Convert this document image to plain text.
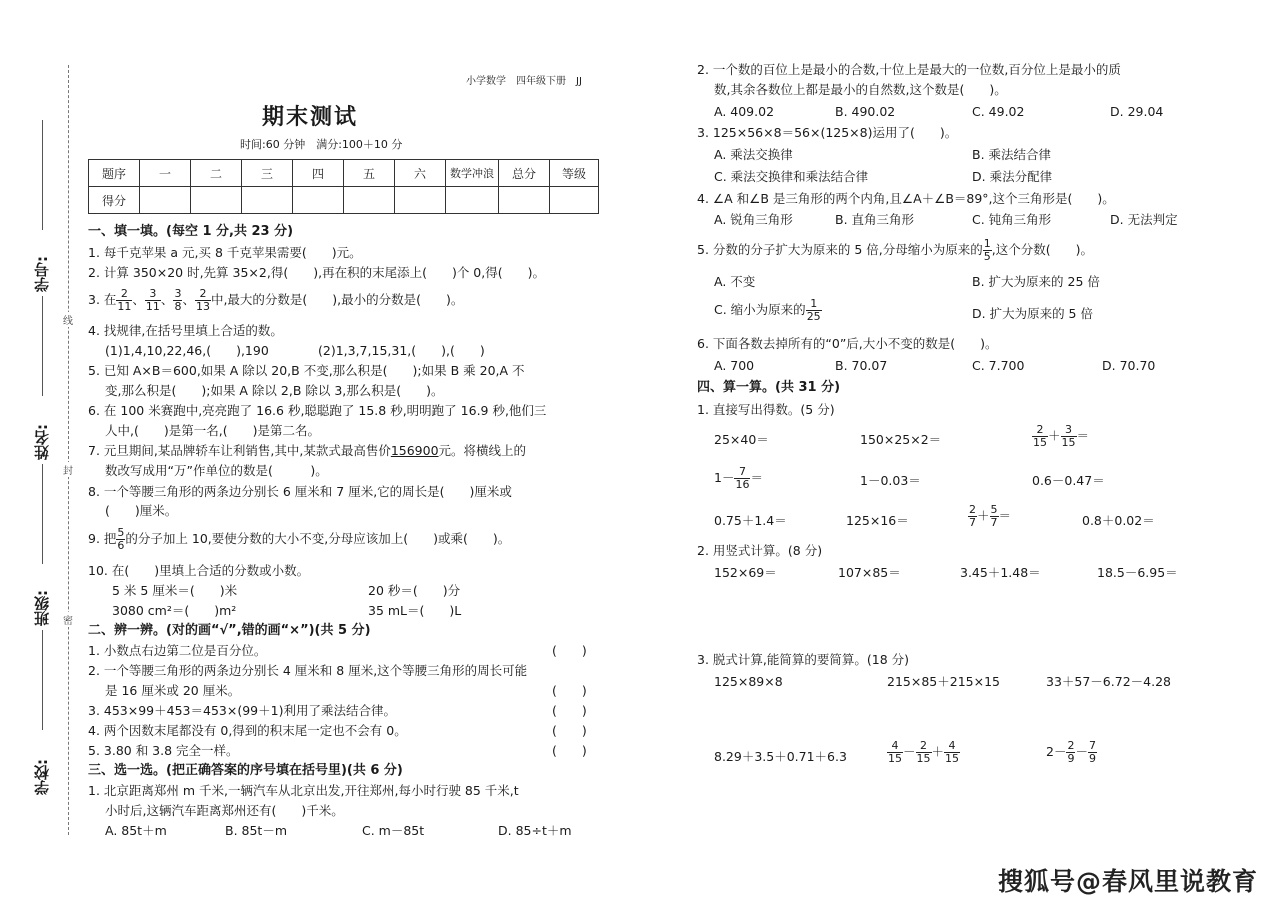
学号:
姓名:
班级:
学校:
线
封
密
小学数学　四年级下册　JJ
期末测试
时间:60 分钟　满分:100＋10 分
题序	一	二	三	四	五	六	数学冲浪	总分	等级
得分									
一、填一填。(每空 1 分,共 23 分)
1. 每千克苹果 a 元,买 8 千克苹果需要(　　)元。
2. 计算 350×20 时,先算 35×2,得(　　),再在积的末尾添上(　　)个 0,得(　　)。
3. 在 $\frac{2}{11}$ 、 $\frac{3}{11}$ 、 $\frac{3}{8}$ 、 $\frac{2}{13}$ 中,最大的分数是(　　),最小的分数是(　　)。
4. 找规律,在括号里填上合适的数。
(1)1,4,10,22,46,(　　),190	(2)1,3,7,15,31,(　　),(　　)
5. 已知 A×B＝600,如果 A 除以 20,B 不变,那么积是(　　);如果 B 乘 20,A 不
变,那么积是(　　);如果 A 除以 2,B 除以 3,那么积是(　　)。
6. 在 100 米赛跑中,亮亮跑了 16.6 秒,聪聪跑了 15.8 秒,明明跑了 16.9 秒,他们三
人中,(　　)是第一名,(　　)是第二名。
7. 元旦期间,某品牌轿车让利销售,其中,某款式最高售价156900元。将横线上的
数改写成用“万”作单位的数是(　　　)。
8. 一个等腰三角形的两条边分别长 6 厘米和 7 厘米,它的周长是(　　)厘米或
(　　)厘米。
9. 把 $\frac{5}{6}$ 的分子加上 10,要使分数的大小不变,分母应该加上(　　)或乘(　　)。
10. 在(　　)里填上合适的分数或小数。
5 米 5 厘米＝(　　)米	20 秒＝(　　)分
3080 cm²＝(　　)m²	35 mL＝(　　)L
二、辨一辨。(对的画“√”,错的画“×”)(共 5 分)
1. 小数点右边第二位是百分位。	(　　)
2. 一个等腰三角形的两条边分别长 4 厘米和 8 厘米,这个等腰三角形的周长可能
是 16 厘米或 20 厘米。	(　　)
3. 453×99＋453＝453×(99＋1)利用了乘法结合律。	(　　)
4. 两个因数末尾都没有 0,得到的积末尾一定也不会有 0。	(　　)
5. 3.80 和 3.8 完全一样。	(　　)
三、选一选。(把正确答案的序号填在括号里)(共 6 分)
1. 北京距离郑州 m 千米,一辆汽车从北京出发,开往郑州,每小时行驶 85 千米,t
小时后,这辆汽车距离郑州还有(　　)千米。
A. 85t＋m	B. 85t－m	C. m－85t	D. 85÷t＋m
2. 一个数的百位上是最小的合数,十位上是最大的一位数,百分位上是最小的质
数,其余各数位上都是最小的自然数,这个数是(　　)。
A. 409.02	B. 490.02	C. 49.02	D. 29.04
3. 125×56×8＝56×(125×8)运用了(　　)。
A. 乘法交换律	B. 乘法结合律
C. 乘法交换律和乘法结合律	D. 乘法分配律
4. ∠A 和∠B 是三角形的两个内角,且∠A＋∠B＝89°,这个三角形是(　　)。
A. 锐角三角形	B. 直角三角形	C. 钝角三角形	D. 无法判定
5. 分数的分子扩大为原来的 5 倍,分母缩小为原来的 $\frac{1}{5}$ ,这个分数(　　)。
A. 不变	B. 扩大为原来的 25 倍
C. 缩小为原来的 $\frac{1}{25}$	D. 扩大为原来的 5 倍
6. 下面各数去掉所有的“0”后,大小不变的数是(　　)。
A. 700	B. 70.07	C. 7.700	D. 70.70
四、算一算。(共 31 分)
1. 直接写出得数。(5 分)
25×40＝	150×25×2＝	$\frac{2}{15} + \frac{3}{15}$ ＝
$1- \frac{7}{16}$ ＝	1－0.03＝	0.6－0.47＝
0.75＋1.4＝	125×16＝	$\frac{2}{7} + \frac{5}{7}$ ＝	0.8＋0.02＝
2. 用竖式计算。(8 分)
152×69＝	107×85＝	3.45＋1.48＝	18.5－6.95＝
3. 脱式计算,能简算的要简算。(18 分)
125×89×8	215×85＋215×15	33＋57－6.72－4.28
8.29＋3.5＋0.71＋6.3	$\frac{4}{15} - \frac{2}{15} + \frac{4}{15}$	$2- \frac{2}{9} - \frac{7}{9}$
搜狐号@春风里说教育
